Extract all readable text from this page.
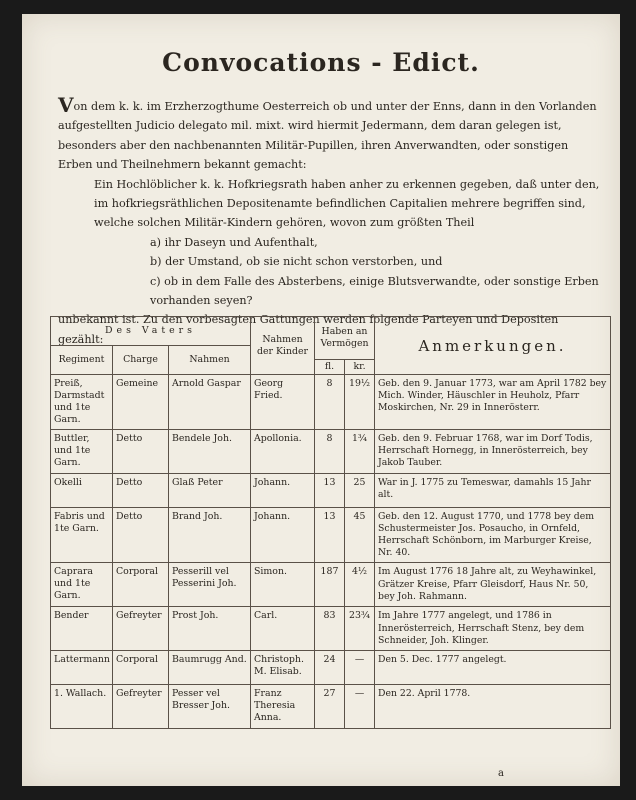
Convocations - Edict.

Von dem k. k. im Erzherzogthume Oesterreich ob und unter der Enns, dann in den Vorlanden aufgestellten Judicio delegato mil. mixt. wird hiermit Jedermann, dem daran gelegen ist, besonders aber den nachbenannten Militär-Pupillen, ihren Anverwandten, oder sonstigen Erben und Theilnehmern bekannt gemacht:

Ein Hochlöblicher k. k. Hofkriegsrath haben anher zu erkennen gegeben, daß unter den, im hofkriegsräthlichen Depositenamte befindlichen Capitalien mehrere begriffen sind, welche solchen Militär-Kindern gehören, wovon zum größten Theil

a) ihr Daseyn und Aufenthalt,

b) der Umstand, ob sie nicht schon verstorben, und

c) ob in dem Falle des Absterbens, einige Blutsverwandte, oder sonstige Erben vorhanden seyen?

unbekannt ist. Zu den vorbesagten Gattungen werden folgende Parteyen und Depositen gezählt:

Des Vaters			Nahmen der Kinder	Haben an Vermögen		Anmerkungen.
Regiment	Charge	Nahmen				
				fl.	kr.	
Preiß, Darmstadt und 1te Garn.	Gemeine	Arnold Gaspar	Georg Fried.	8	19½	Geb. den 9. Januar 1773, war am April 1782 bey Mich. Winder, Häuschler in Heuholz, Pfarr Moskirchen, Nr. 29 in Innerösterr.
Buttler, und 1te Garn.	Detto	Bendele Joh.	Apollonia.	8	1¾	Geb. den 9. Februar 1768, war im Dorf Todis, Herrschaft Hornegg, in Innerösterreich, bey Jakob Tauber.
Okelli	Detto	Glaß Peter	Johann.	13	25	War in J. 1775 zu Temeswar, damahls 15 Jahr alt.
Fabris und 1te Garn.	Detto	Brand Joh.	Johann.	13	45	Geb. den 12. August 1770, und 1778 bey dem Schustermeister Jos. Posaucho, in Ornfeld, Herrschaft Schönborn, im Marburger Kreise, Nr. 40.
Caprara und 1te Garn.	Corporal	Pesserill vel Pesserini Joh.	Simon.	187	4½	Im August 1776 18 Jahre alt, zu Weyhawinkel, Grätzer Kreise, Pfarr Gleisdorf, Haus Nr. 50, bey Joh. Rahmann.
Bender	Gefreyter	Prost Joh.	Carl.	83	23¾	Im Jahre 1777 angelegt, und 1786 in Innerösterreich, Herrschaft Stenz, bey dem Schneider, Joh. Klinger.
Lattermann	Corporal	Baumrugg And.	Christoph. M. Elisab.	24	—	Den 5. Dec. 1777 angelegt.
1. Wallach.	Gefreyter	Pesser vel Bresser Joh.	Franz Theresia Anna.	27	—	Den 22. April 1778.
a
